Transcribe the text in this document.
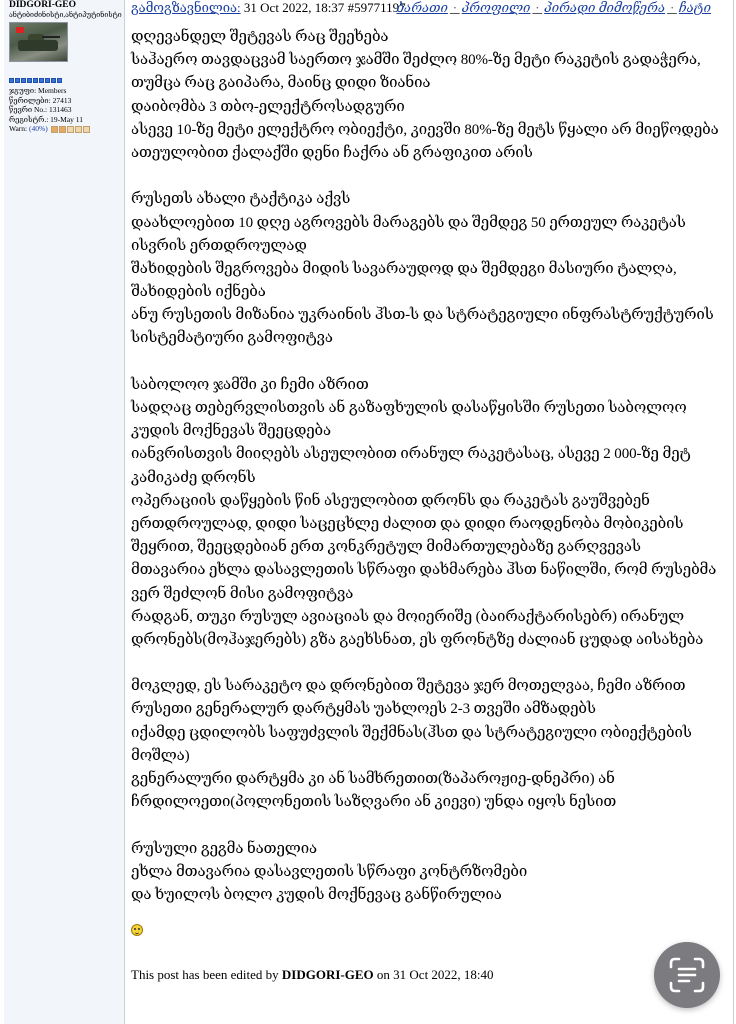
DIDGORI-GEO
ანტიბიძინისტი,ანტიპუტინისტი
ჯგუფი: Members
წერილები: 27413
წევრი No.: 131463
რეგისტრ.: 19-May 11
Warn: (40%)
გამოგზავნილია: 31 Oct 2022, 18:37 #59771197
ბარათი · პროფილი · პირადი მიმოწერა · ჩატი
დღევანდელ შეტევას რაც შეეხება
საჰაერო თავდაცვამ საერთო ჯამში შეძლო 80%-ზე მეტი რაკეტის გადაჭერა,
თუმცა რაც გაიპარა, მაინც დიდი ზიანია
დაიბომბა 3 თბო-ელექტროსადგური
ასევე 10-ზე მეტი ელექტრო ობიექტი, კიევში 80%-ზე მეტს წყალი არ მიეწოდება
ათეულობით ქალაქში დენი ჩაქრა ან გრაფიკით არის
რუსეთს ახალი ტაქტიკა აქვს
დაახლოებით 10 დღე აგროვებს მარაგებს და შემდეგ 50 ერთეულ რაკეტას
ისვრის ერთდროულად
შახიდების შეგროვება მიდის სავარაუდოდ და შემდეგი მასიური ტალღა,
შახიდების იქნება
ანუ რუსეთის მიზანია უკრაინის ჰსთ-ს და სტრატეგიული ინფრასტრუქტურის
სისტემატიური გამოფიტვა
საბოლოო ჯამში კი ჩემი აზრით
სადღაც თებერვლისთვის ან გაზაფხულის დასაწყისში რუსეთი საბოლოო
კუდის მოქნევას შეეცდება
იანვრისთვის მიიღებს ასეულობით ირანულ რაკეტასაც, ასევე 2 000-ზე მეტ
კამიკაძე დრონს
ოპერაციის დაწყების წინ ასეულობით დრონს და რაკეტას გაუშვებენ
ერთდროულად, დიდი საცეცხლე ძალით და დიდი რაოდენობა მობიკების
შეყრით, შეეცდებიან ერთ კონკრეტულ მიმართულებაზე გარღვევას
მთავარია ეხლა დასავლეთის სწრაფი დახმარება ჰსთ ნაწილში, რომ რუსებმა
ვერ შეძლონ მისი გამოფიტვა
რადგან, თუკი რუსულ ავიაციას და მოიერიშე (ბაირაქტარისებრ) ირანულ
დრონებს(მოჰაჯერებს) გზა გაეხსნათ, ეს ფრონტზე ძალიან ცუდად აისახება
მოკლედ, ეს სარაკეტო და დრონებით შეტევა ჯერ მოთელვაა, ჩემი აზრით
რუსეთი გენერალურ დარტყმას უახლოეს 2-3 თვეში ამზადებს
იქამდე ცდილობს საფუძვლის შექმნას(ჰსთ და სტრატეგიული ობიექტების
მოშლა)
გენერალური დარტყმა კი ან სამხრეთით(ზაპაროჟიე-დნეპრი) ან
ჩრდილოეთი(პოლონეთის საზღვარი ან კიევი) უნდა იყოს ნესით
რუსული გეგმა ნათელია
ეხლა მთავარია დასავლეთის სწრაფი კონტრზომები
და ხუილოს ბოლო კუდის მოქნევაც განწირულია
This post has been edited by DIDGORI-GEO on 31 Oct 2022, 18:40
